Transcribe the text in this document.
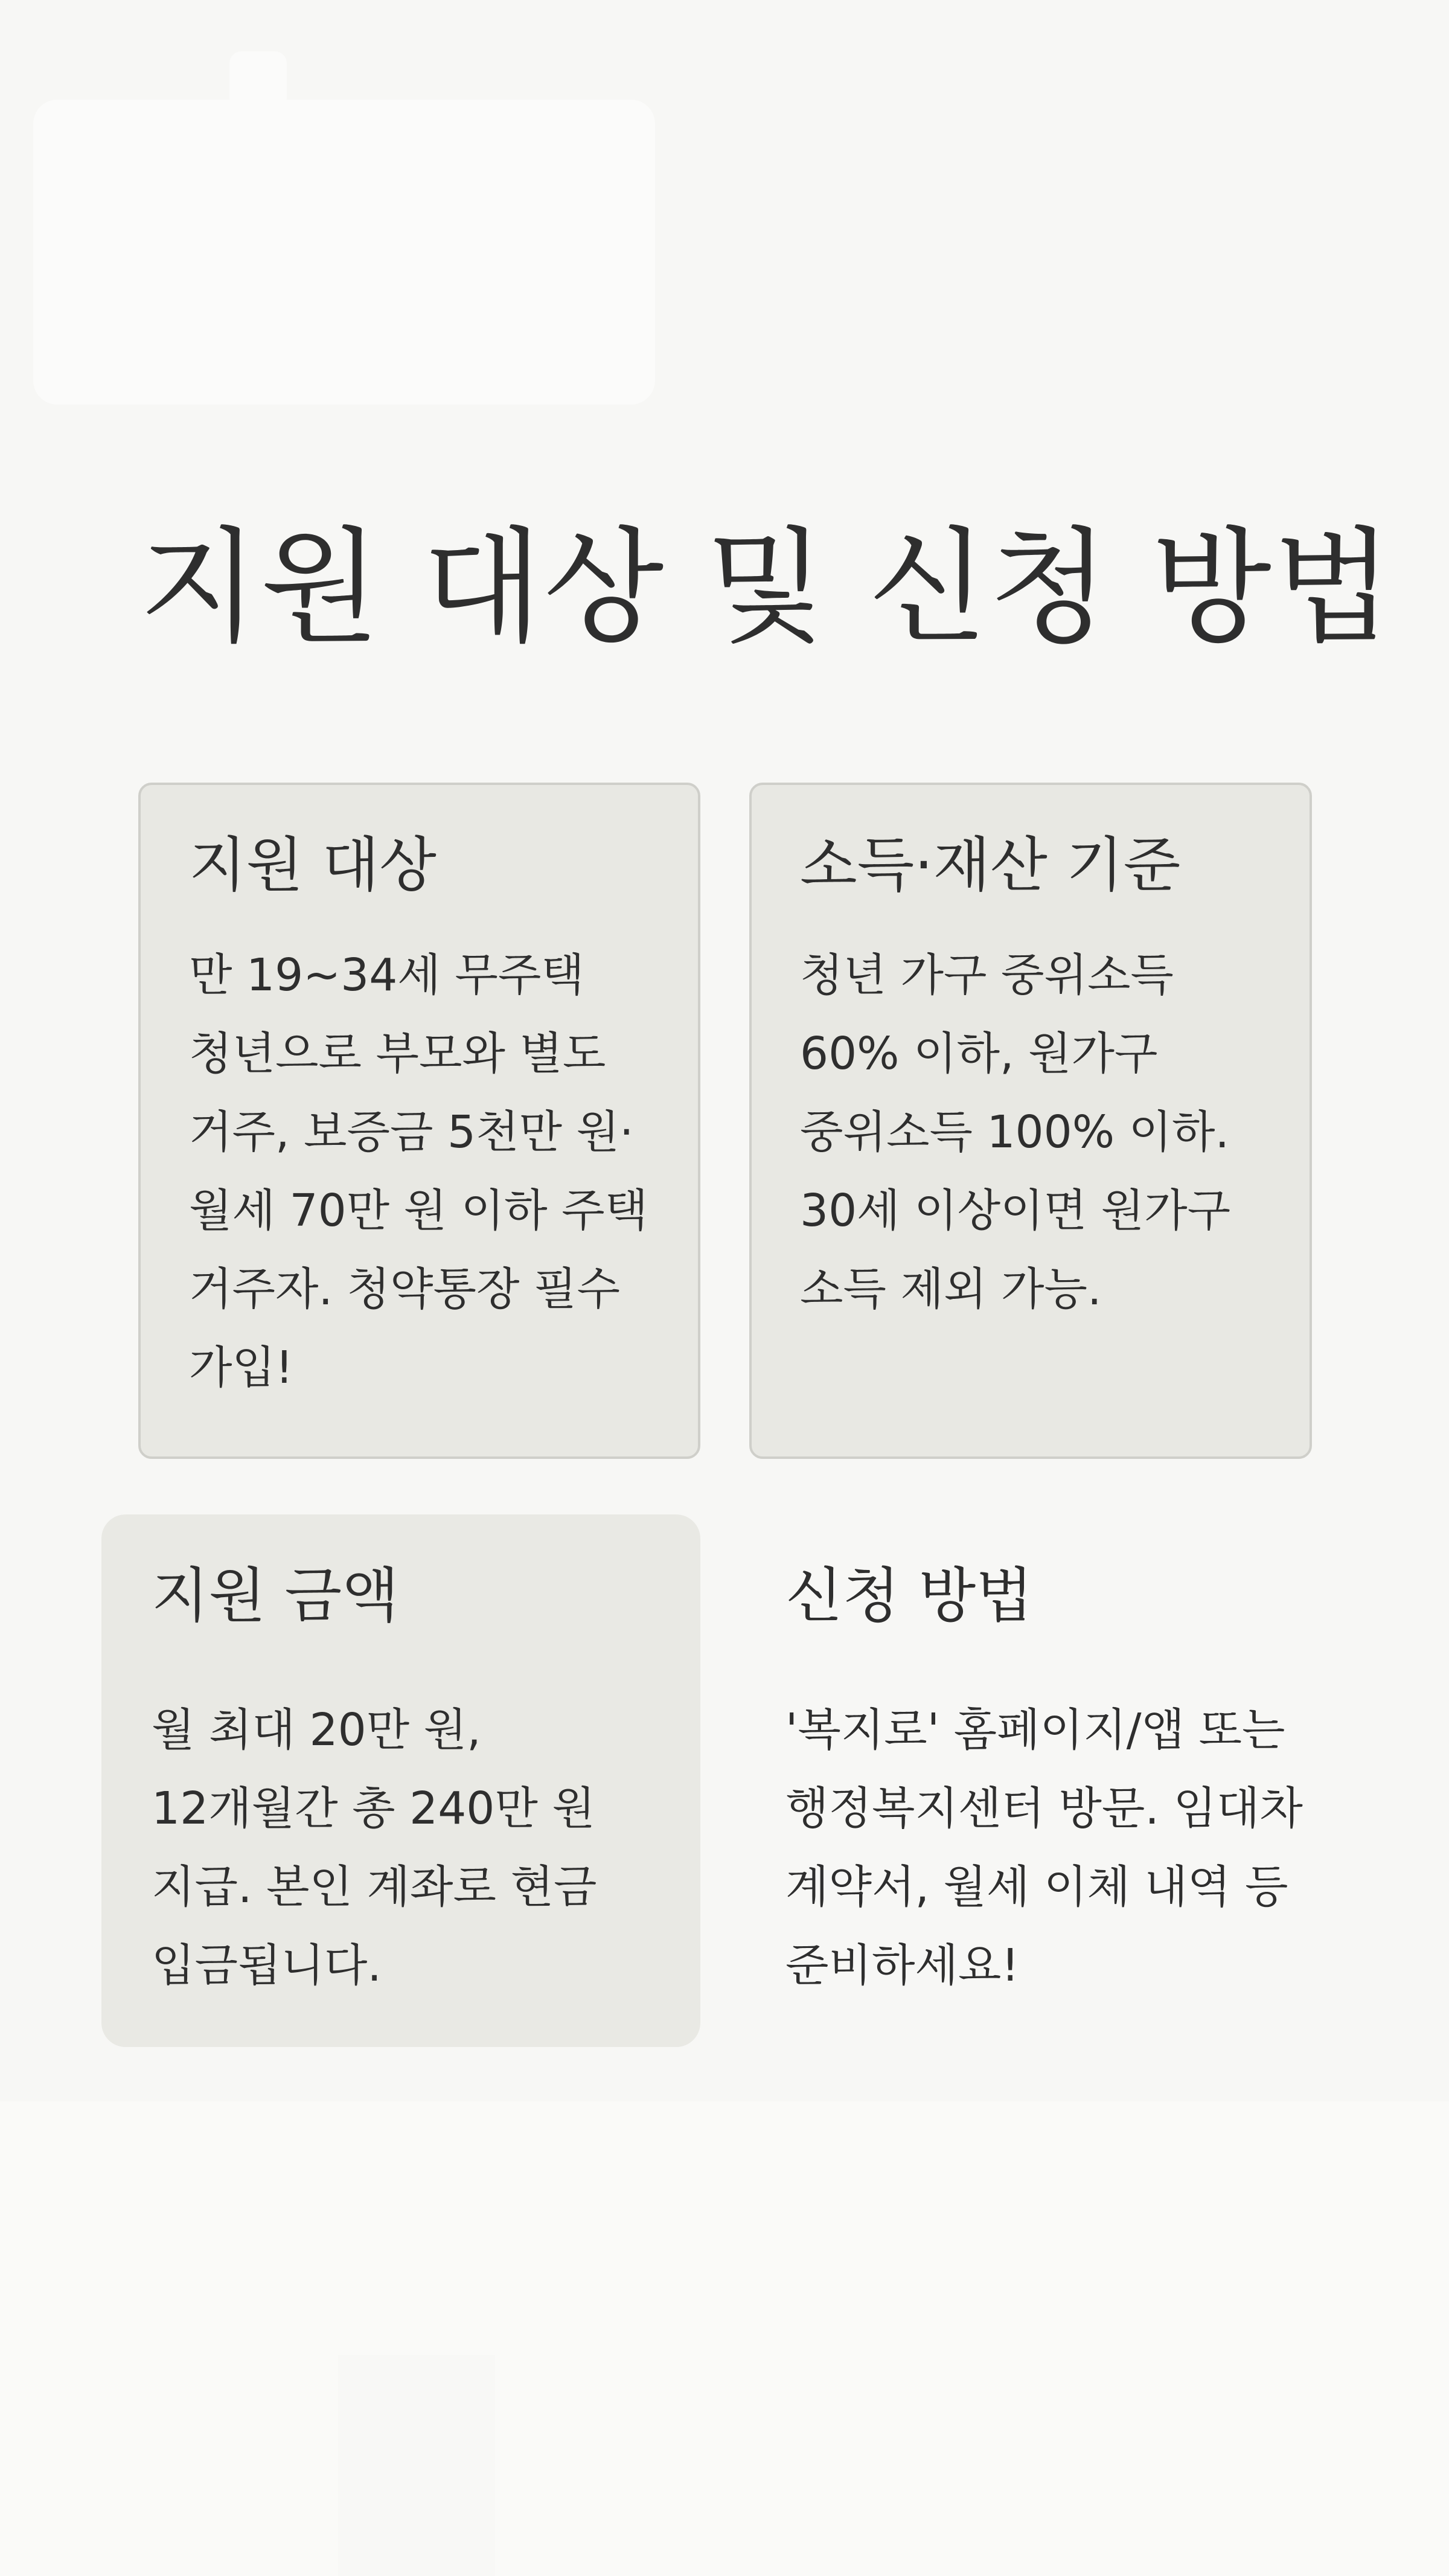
지원 대상 및 신청 방법
지원 대상

만 19~34세 무주택 청년으로 부모와 별도 거주, 보증금 5천만 원·월세 70만 원 이하 주택 거주자. 청약통장 필수 가입!

소득·재산 기준

청년 가구 중위소득 60% 이하, 원가구 중위소득 100% 이하. 30세 이상이면 원가구 소득 제외 가능.

지원 금액

월 최대 20만 원, 12개월간 총 240만 원 지급. 본인 계좌로 현금 입금됩니다.

신청 방법

'복지로' 홈페이지/앱 또는 행정복지센터 방문. 임대차 계약서, 월세 이체 내역 등 준비하세요!
